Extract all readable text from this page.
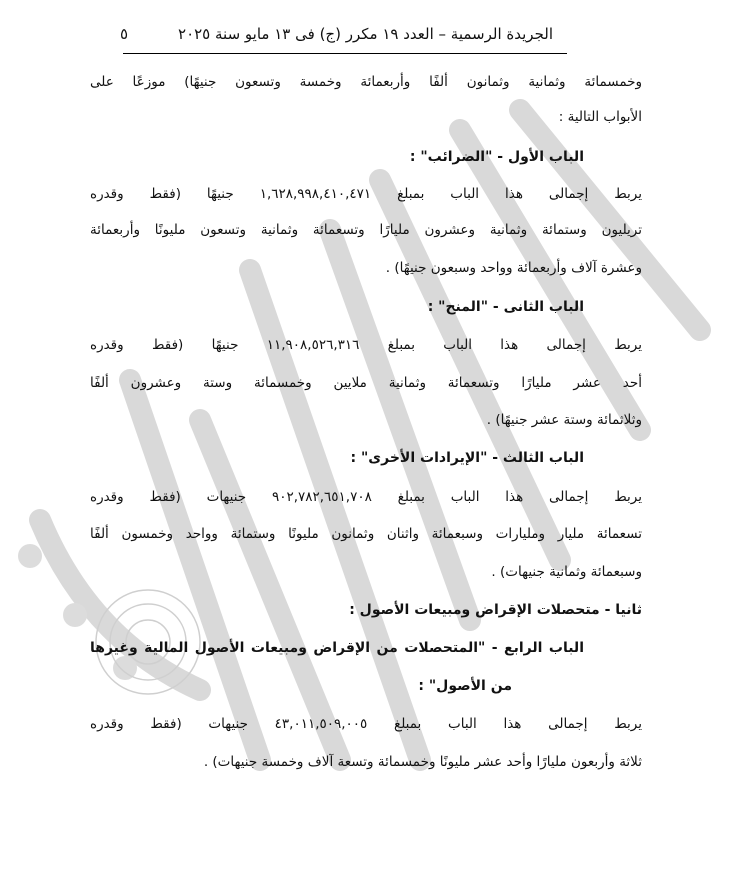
الجريدة الرسمية – العدد ١٩ مكرر (ج) فى ١٣ مايو سنة ٢٠٢٥
٥
وخمسمائة وثمانية وثمانون ألفًا وأربعمائة وخمسة وتسعون جنيهًا) موزعًا على
الأبواب التالية :
الباب الأول - "الضرائب" :
يربط إجمالى هذا الباب بمبلغ ١,٦٢٨,٩٩٨,٤١٠,٤٧١ جنيهًا (فقط وقدره
تريليون وستمائة وثمانية وعشرون مليارًا وتسعمائة وثمانية وتسعون مليونًا وأربعمائة
وعشرة آلاف وأربعمائة وواحد وسبعون جنيهًا) .
الباب الثانى - "المنح" :
يربط إجمالى هذا الباب بمبلغ ١١,٩٠٨,٥٢٦,٣١٦ جنيهًا (فقط وقدره
أحد عشر مليارًا وتسعمائة وثمانية ملايين وخمسمائة وستة وعشرون ألفًا
وثلاثمائة وستة عشر جنيهًا) .
الباب الثالث - "الإيرادات الأخرى" :
يربط إجمالى هذا الباب بمبلغ ٩٠٢,٧٨٢,٦٥١,٧٠٨ جنيهات (فقط وقدره
تسعمائة مليار ومليارات وسبعمائة واثنان وثمانون مليونًا وستمائة وواحد وخمسون ألفًا
وسبعمائة وثمانية جنيهات) .
ثانيا - متحصلات الإقراض ومبيعات الأصول :
الباب الرابع - "المتحصلات من الإقراض ومبيعات الأصول المالية وغيرها
من الأصول" :
يربط إجمالى هذا الباب بمبلغ ٤٣,٠١١,٥٠٩,٠٠٥ جنيهات (فقط وقدره
ثلاثة وأربعون مليارًا وأحد عشر مليونًا وخمسمائة وتسعة آلاف وخمسة جنيهات) .
